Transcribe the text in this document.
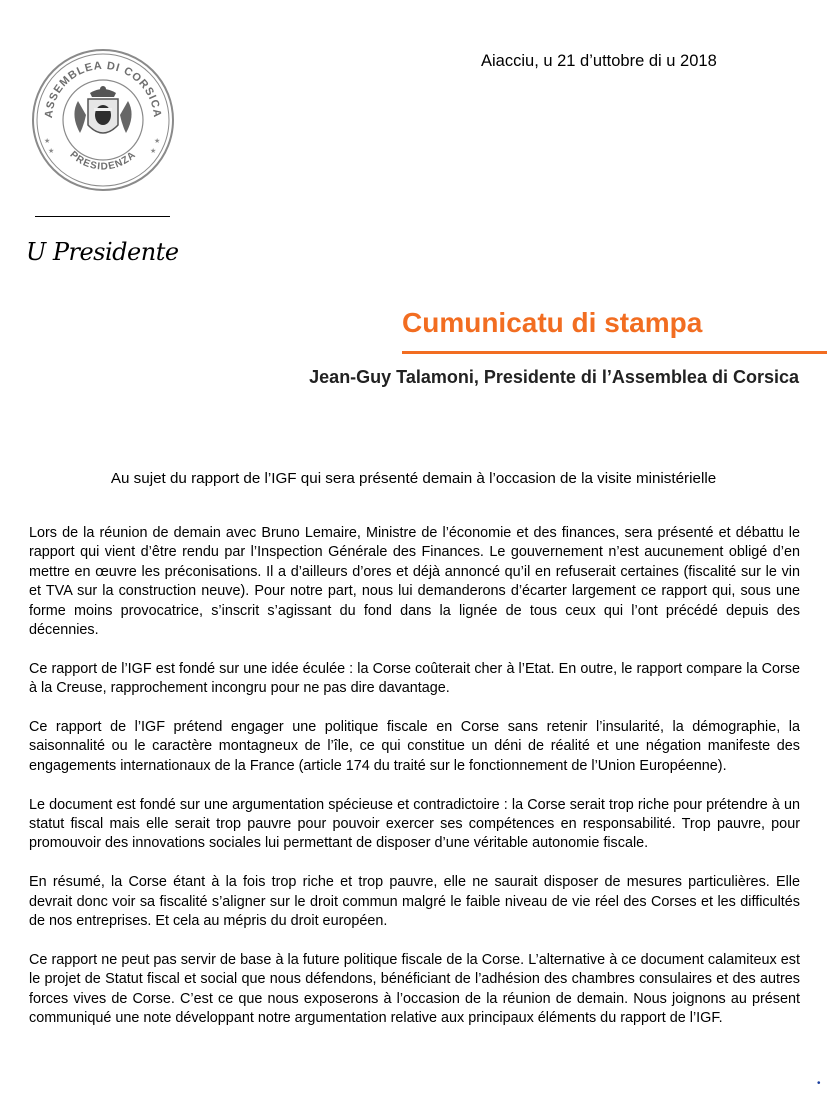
ASSEMBLEA DI CORSICA
PRESIDENZA
★
★
★
★
U Presidente
Aiacciu, u 21 d’uttobre di u 2018
Cumunicatu di stampa
Jean-Guy Talamoni, Presidente di l’Assemblea di Corsica
Au sujet du rapport de l’IGF qui sera présenté demain à l’occasion de la visite ministérielle

Lors de la réunion de demain avec Bruno Lemaire, Ministre de l’économie et des finances, sera présenté et débattu le rapport qui vient d’être rendu par l’Inspection Générale des Finances. Le gouvernement n’est aucunement obligé d’en mettre en œuvre les préconisations. Il a d’ailleurs d’ores et déjà annoncé qu’il en refuserait certaines (fiscalité sur le vin et TVA sur la construction neuve). Pour notre part, nous lui demanderons d’écarter largement ce rapport qui, sous une forme moins provocatrice, s’inscrit s’agissant du fond dans la lignée de tous ceux qui l’ont précédé depuis des décennies.

Ce rapport de l’IGF est fondé sur une idée éculée : la Corse coûterait cher à l’Etat. En outre, le rapport compare la Corse à la Creuse, rapprochement incongru pour ne pas dire davantage.

Ce rapport de l’IGF prétend engager une politique fiscale en Corse sans retenir l’insularité, la démographie, la saisonnalité ou le caractère montagneux de l’île, ce qui constitue un déni de réalité et une négation manifeste des engagements internationaux de la France (article 174 du traité sur le fonctionnement de l’Union Européenne).

Le document est fondé sur une argumentation spécieuse et contradictoire : la Corse serait trop riche pour prétendre à un statut fiscal mais elle serait trop pauvre pour pouvoir exercer ses compétences en responsabilité. Trop pauvre, pour promouvoir des innovations sociales lui permettant de disposer d’une véritable autonomie fiscale.

En résumé, la Corse étant à la fois trop riche et trop pauvre, elle ne saurait disposer de mesures particulières. Elle devrait donc voir sa fiscalité s’aligner sur le droit commun malgré le faible niveau de vie réel des Corses et les difficultés de nos entreprises. Et cela au mépris du droit européen.

Ce rapport ne peut pas servir de base à la future politique fiscale de la Corse. L’alternative à ce document calamiteux est le projet de Statut fiscal et social que nous défendons, bénéficiant de l’adhésion des chambres consulaires et des autres forces vives de Corse. C’est ce que nous exposerons à l’occasion de la réunion de demain. Nous joignons au présent communiqué une note développant notre argumentation relative aux principaux éléments du rapport de l’IGF.

•
